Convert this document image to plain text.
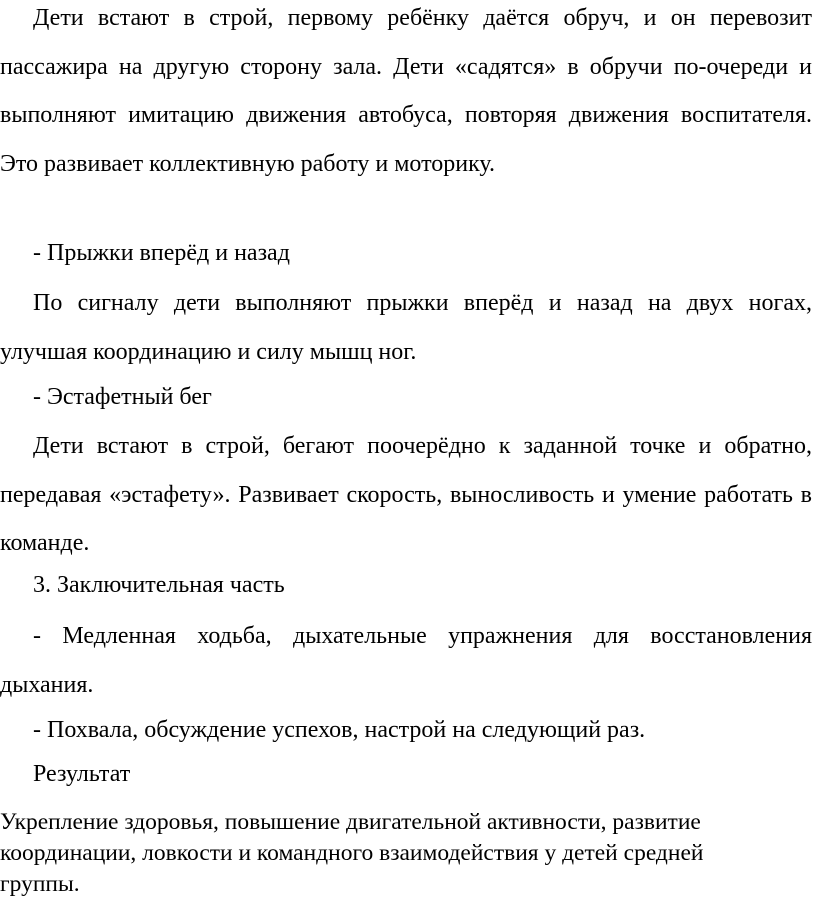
Дети встают в строй, первому ребёнку даётся обруч, и он перевозит пассажира на другую сторону зала. Дети «садятся» в обручи по-очереди и выполняют имитацию движения автобуса, повторяя движения воспитателя. Это развивает коллективную работу и моторику.

- Прыжки вперёд и назад

По сигналу дети выполняют прыжки вперёд и назад на двух ногах, улучшая координацию и силу мышц ног.

- Эстафетный бег

Дети встают в строй, бегают поочерёдно к заданной точке и обратно, передавая «эстафету». Развивает скорость, выносливость и умение работать в команде.

3. Заключительная часть

- Медленная ходьба, дыхательные упражнения для восстановления дыхания.

- Похвала, обсуждение успехов, настрой на следующий раз.

Результат

Укрепление здоровья, повышение двигательной активности, развитие координации, ловкости и командного взаимодействия у детей средней группы.
